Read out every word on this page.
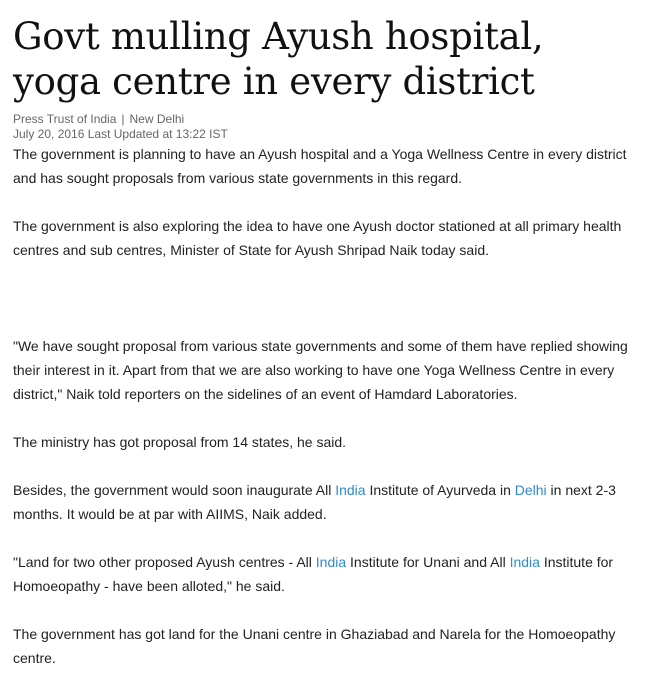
Govt mulling Ayush hospital,
yoga centre in every district
Press Trust of India | New Delhi
July 20, 2016 Last Updated at 13:22 IST

The government is planning to have an Ayush hospital and a Yoga Wellness Centre in every district and has sought proposals from various state governments in this regard.

The government is also exploring the idea to have one Ayush doctor stationed at all primary health centres and sub centres, Minister of State for Ayush Shripad Naik today said.

"We have sought proposal from various state governments and some of them have replied showing their interest in it. Apart from that we are also working to have one Yoga Wellness Centre in every district," Naik told reporters on the sidelines of an event of Hamdard Laboratories.

The ministry has got proposal from 14 states, he said.

Besides, the government would soon inaugurate All India Institute of Ayurveda in Delhi in next 2-3 months. It would be at par with AIIMS, Naik added.

"Land for two other proposed Ayush centres - All India Institute for Unani and All India Institute for Homoeopathy - have been alloted," he said.

The government has got land for the Unani centre in Ghaziabad and Narela for the Homoeopathy centre.
